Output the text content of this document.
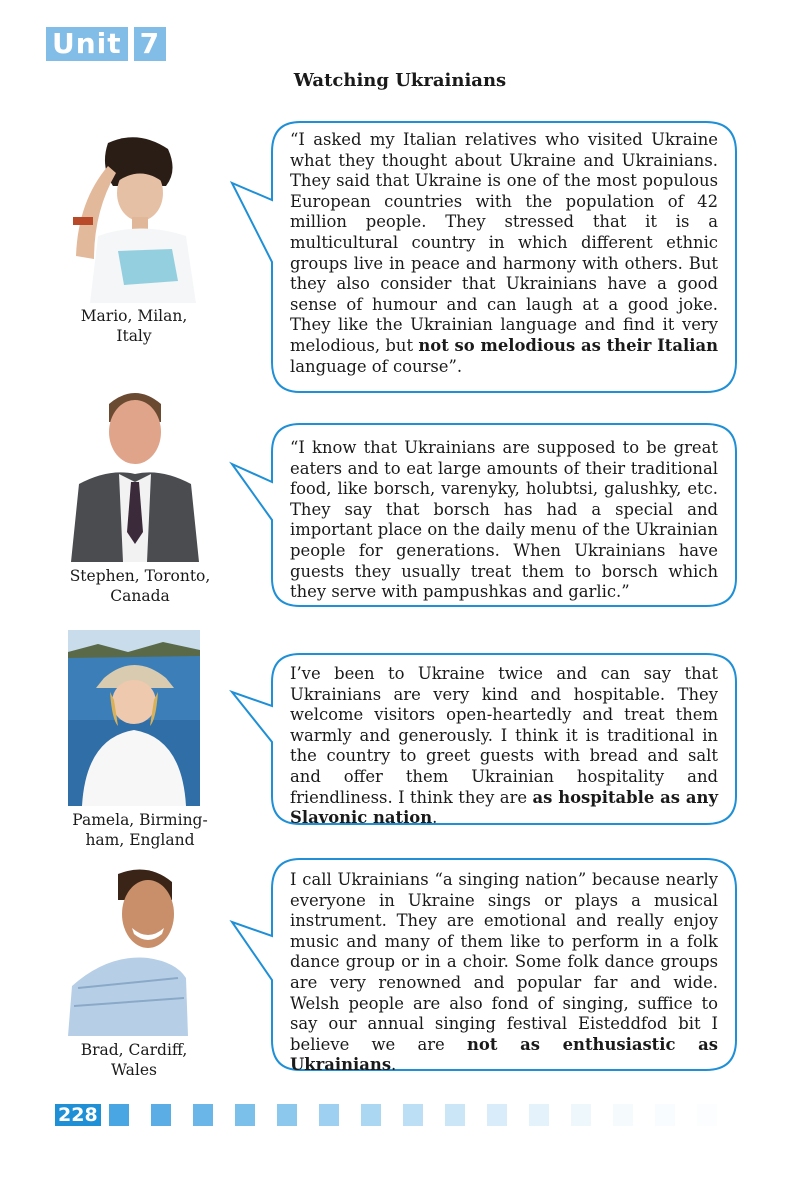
Unit 7
Watching Ukrainians
Mario, Milan,
Italy
“I asked my Italian relatives who visited Ukraine what they thought about Ukraine and Ukrainians. They said that Ukraine is one of the most populous European countries with the population of 42 million people. They stressed that it is a multicultural country in which different ethnic groups live in peace and harmony with others. But they also consider that Ukrainians have a good sense of humour and can laugh at a good joke. They like the Ukrainian language and find it very melodious, but not so melodious as their Italian language of course”.
Stephen, Toronto,
Canada
“I know that Ukrainians are supposed to be great eaters and to eat large amounts of their traditional food, like borsch, varenyky, holubtsi, galushky, etc. They say that borsch has had a special and important place on the daily menu of the Ukrainian people for generations. When Ukrainians have guests they usually treat them to borsch which they serve with pampushkas and garlic.”
Pamela, Birming-
ham, England
I’ve been to Ukraine twice and can say that Ukrainians are very kind and hospitable. They welcome visitors open-heartedly and treat them warmly and generously. I think it is traditional in the country to greet guests with bread and salt and offer them Ukrainian hospitality and friendliness. I think they are as hospitable as any Slavonic nation.
Brad, Cardiff,
Wales
I call Ukrainians “a singing nation” because nearly everyone in Ukraine sings or plays a musical instrument. They are emotional and really enjoy music and many of them like to perform in a folk dance group or in a choir. Some folk dance groups are very renowned and popular far and wide. Welsh people are also fond of singing, suffice to say our annual singing festival Eisteddfod bit I believe we are not as enthusiastic as Ukrainians.
228
